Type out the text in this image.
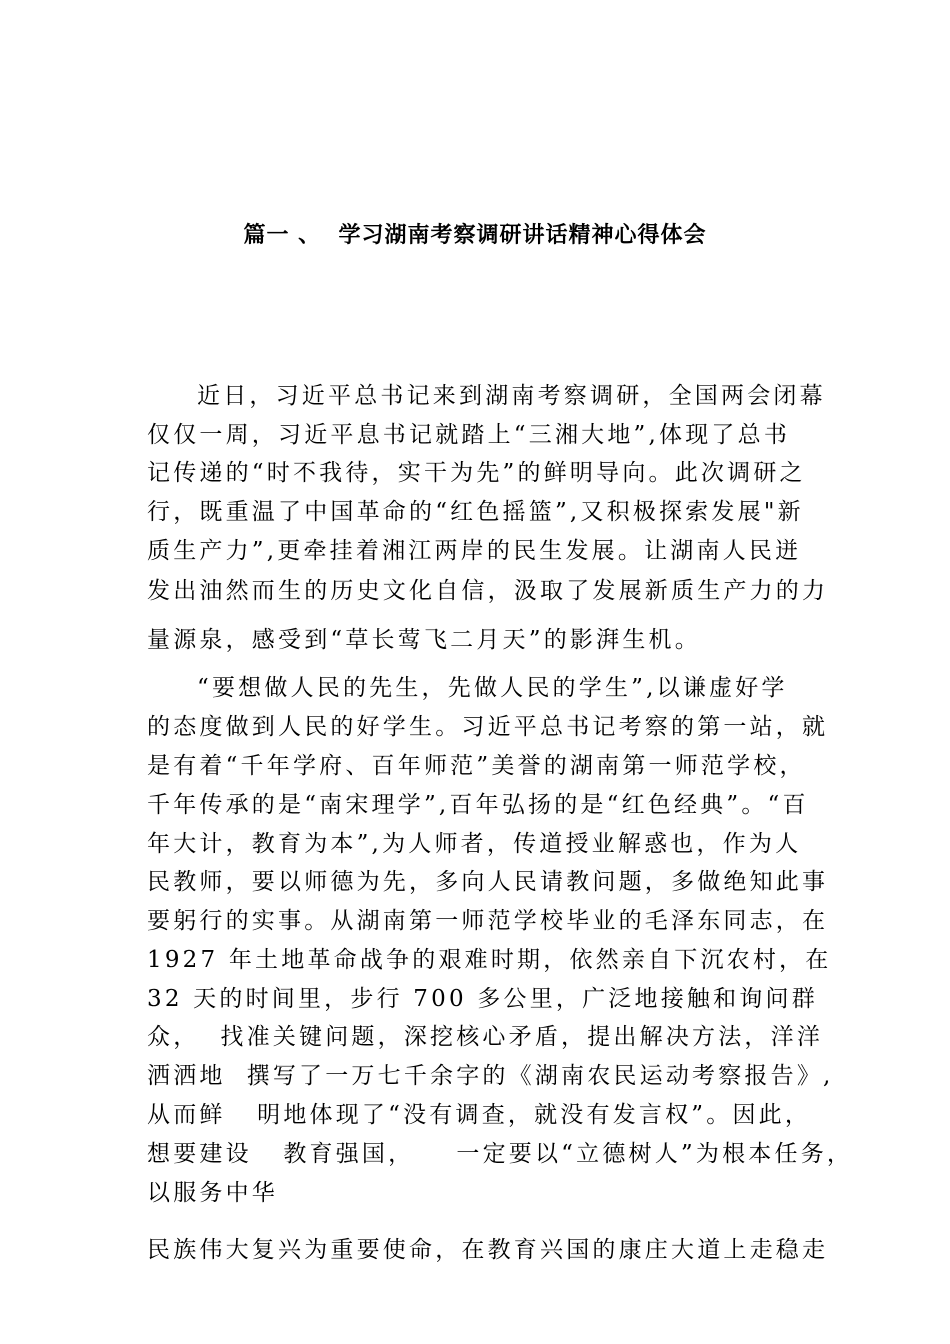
篇一 、  学习湖南考察调研讲话精神心得体会
近日，习近平总书记来到湖南考察调研，全国两会闭幕
仅仅一周，习近平息书记就踏上“三湘大地”,体现了总书
记传递的“时不我待，实干为先”的鲜明导向。此次调研之
行，既重温了中国革命的“红色摇篮”,又积极探索发展"新
质生产力”,更牵挂着湘江两岸的民生发展。让湖南人民迸
发出油然而生的历史文化自信，汲取了发展新质生产力的力
量源泉，感受到“草长莺飞二月天”的影湃生机。
“要想做人民的先生，先做人民的学生”,以谦虚好学
的态度做到人民的好学生。习近平总书记考察的第一站，就
是有着“千年学府、百年师范”美誉的湖南第一师范学校，
千年传承的是“南宋理学”,百年弘扬的是“红色经典”。“百
年大计，教育为本”,为人师者，传道授业解惑也，作为人
民教师，要以师德为先，多向人民请教问题，多做绝知此事
要躬行的实事。从湖南第一师范学校毕业的毛泽东同志，在
1927 年土地革命战争的艰难时期，依然亲自下沉农村，在
32 天的时间里，步行 700 多公里，广泛地接触和询问群
众，  找准关键问题，深挖核心矛盾，提出解决方法，洋洋
洒洒地  撰写了一万七千余字的《湖南农民运动考察报告》,
从而鲜   明地体现了“没有调查，就没有发言权”。因此，
想要建设   教育强国，    一定要以“立德树人”为根本任务，
以服务中华
民族伟大复兴为重要使命，在教育兴国的康庄大道上走稳走
